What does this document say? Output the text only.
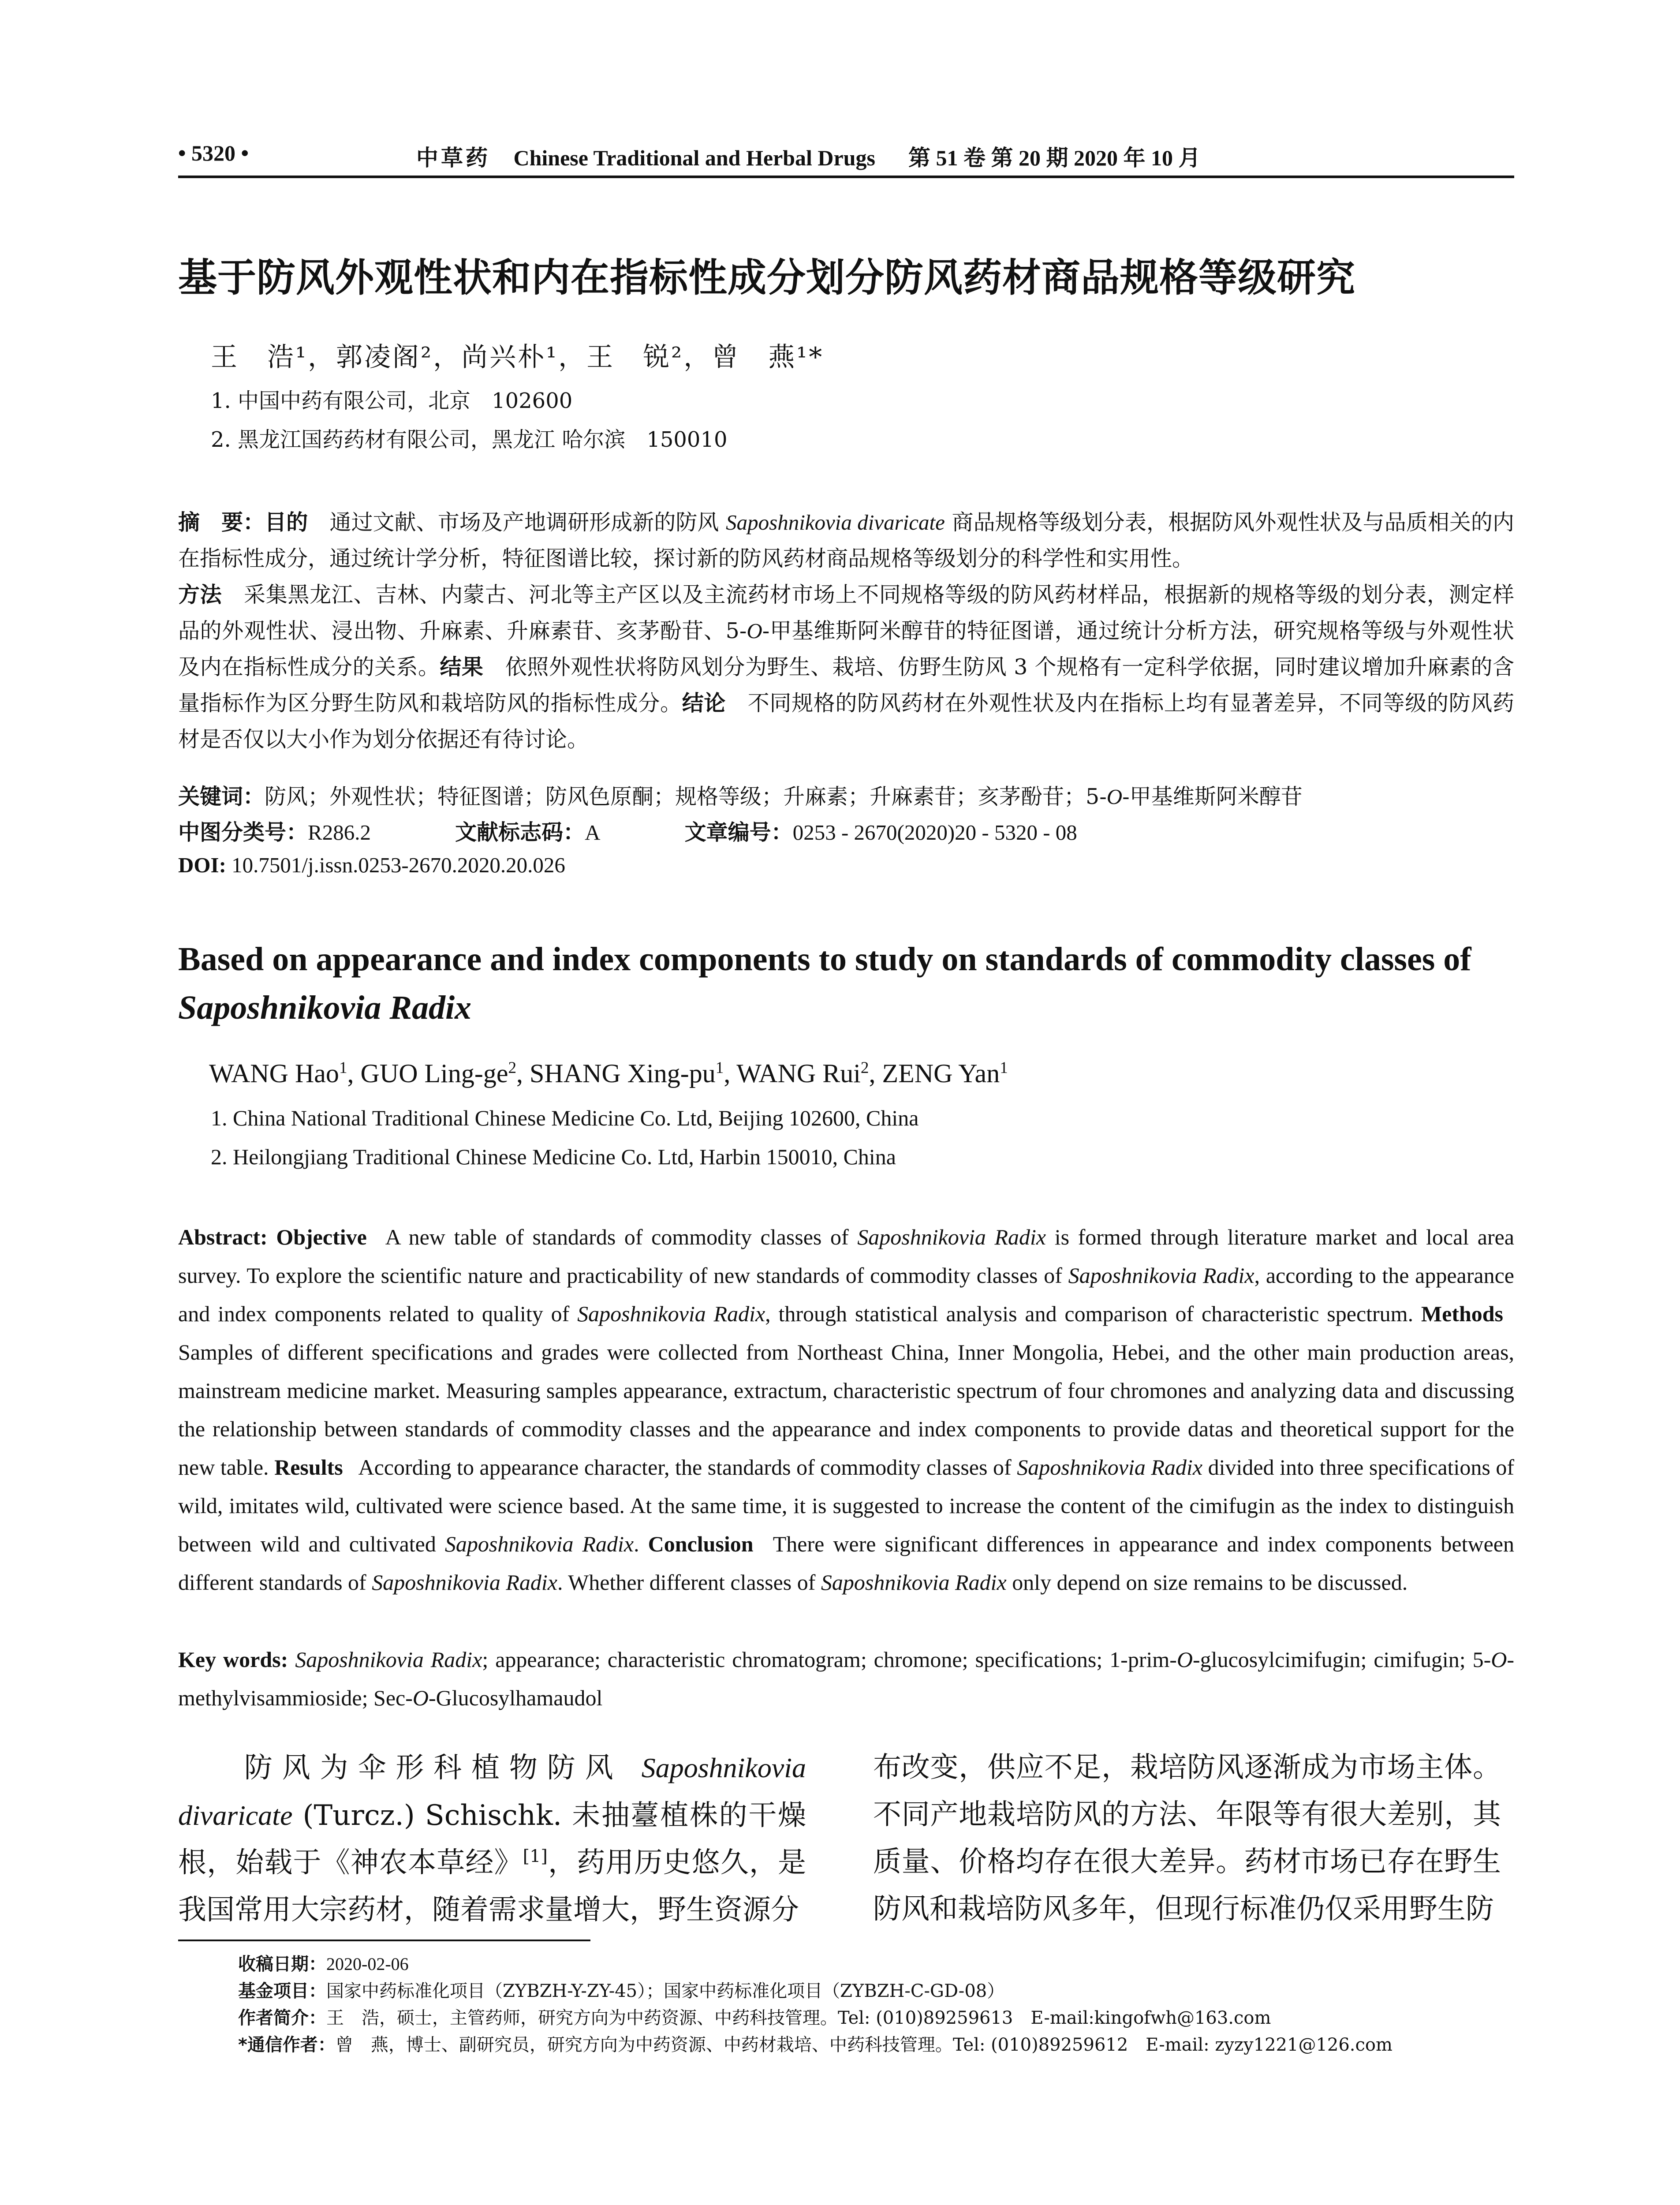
• 5320 •	中草药 Chinese Traditional and Herbal Drugs   第 51 卷 第 20 期 2020 年 10 月
基于防风外观性状和内在指标性成分划分防风药材商品规格等级研究
王　浩¹，郭凌阁²，尚兴朴¹，王　锐²，曾　燕¹*
1. 中国中药有限公司，北京　102600
2. 黑龙江国药药材有限公司，黑龙江 哈尔滨　150010
摘　要：目的  通过文献、市场及产地调研形成新的防风 Saposhnikovia divaricate 商品规格等级划分表，根据防风外观性状及与品质相关的内在指标性成分，通过统计学分析，特征图谱比较，探讨新的防风药材商品规格等级划分的科学性和实用性。
方法  采集黑龙江、吉林、内蒙古、河北等主产区以及主流药材市场上不同规格等级的防风药材样品，根据新的规格等级的划分表，测定样品的外观性状、浸出物、升麻素、升麻素苷、亥茅酚苷、5-O-甲基维斯阿米醇苷的特征图谱，通过统计分析方法，研究规格等级与外观性状及内在指标性成分的关系。结果  依照外观性状将防风划分为野生、栽培、仿野生防风 3 个规格有一定科学依据，同时建议增加升麻素的含量指标作为区分野生防风和栽培防风的指标性成分。结论  不同规格的防风药材在外观性状及内在指标上均有显著差异，不同等级的防风药材是否仅以大小作为划分依据还有待讨论。
关键词：防风；外观性状；特征图谱；防风色原酮；规格等级；升麻素；升麻素苷；亥茅酚苷；5-O-甲基维斯阿米醇苷
中图分类号：R286.2	文献标志码：A	文章编号：0253 - 2670(2020)20 - 5320 - 08
DOI: 10.7501/j.issn.0253-2670.2020.20.026
Based on appearance and index components to study on standards of commodity classes of Saposhnikovia Radix
WANG Hao$^1$, GUO Ling-$ge^2$, SHANG Xing-$pu^1$, WANG Rui$^2$, ZENG Yan$^1$
1. China National Traditional Chinese Medicine Co. Ltd, Beijing 102600, China
2. Heilongjiang Traditional Chinese Medicine Co. Ltd, Harbin 150010, China
Abstract: Objective  A new table of standards of commodity classes of Saposhnikovia Radix is formed through literature market and local area survey. To explore the scientific nature and practicability of new standards of commodity classes of Saposhnikovia Radix, according to the appearance and index components related to quality of Saposhnikovia Radix, through statistical analysis and comparison of characteristic spectrum. Methods  Samples of different specifications and grades were collected from Northeast China, Inner Mongolia, Hebei, and the other main production areas, mainstream medicine market. Measuring samples appearance, extractum, characteristic spectrum of four chromones and analyzing data and discussing the relationship between standards of commodity classes and the appearance and index components to provide datas and theoretical support for the new table. Results  According to appearance character, the standards of commodity classes of Saposhnikovia Radix divided into three specifications of wild, imitates wild, cultivated were science based. At the same time, it is suggested to increase the content of the cimifugin as the index to distinguish between wild and cultivated Saposhnikovia Radix. Conclusion  There were significant differences in appearance and index components between different standards of Saposhnikovia Radix. Whether different classes of Saposhnikovia Radix only depend on size remains to be discussed.
Key words: Saposhnikovia Radix; appearance; characteristic chromatogram; chromone; specifications; 1-prim-O-glucosylcimifugin; cimifugin; 5-O-methylvisammioside; Sec-O-Glucosylhamaudol
防风为伞形科植物防风 Saposhnikovia divaricate (Turcz.) Schischk. 未抽薹植株的干燥根，始载于《神农本草经》[1]，药用历史悠久，是我国常用大宗药材，随着需求量增大，野生资源分
布改变，供应不足，栽培防风逐渐成为市场主体。不同产地栽培防风的方法、年限等有很大差别，其质量、价格均存在很大差异。药材市场已存在野生防风和栽培防风多年，但现行标准仍仅采用野生防
收稿日期：2020-02-06
基金项目：国家中药标准化项目（ZYBZH-Y-ZY-45）；国家中药标准化项目（ZYBZH-C-GD-08）
作者简介：王　浩，硕士，主管药师，研究方向为中药资源、中药科技管理。Tel: (010)89259613　E-mail:kingofwh@163.com
*通信作者：曾　燕，博士、副研究员，研究方向为中药资源、中药材栽培、中药科技管理。Tel: (010)89259612　E-mail: zyzy1221@126.com
